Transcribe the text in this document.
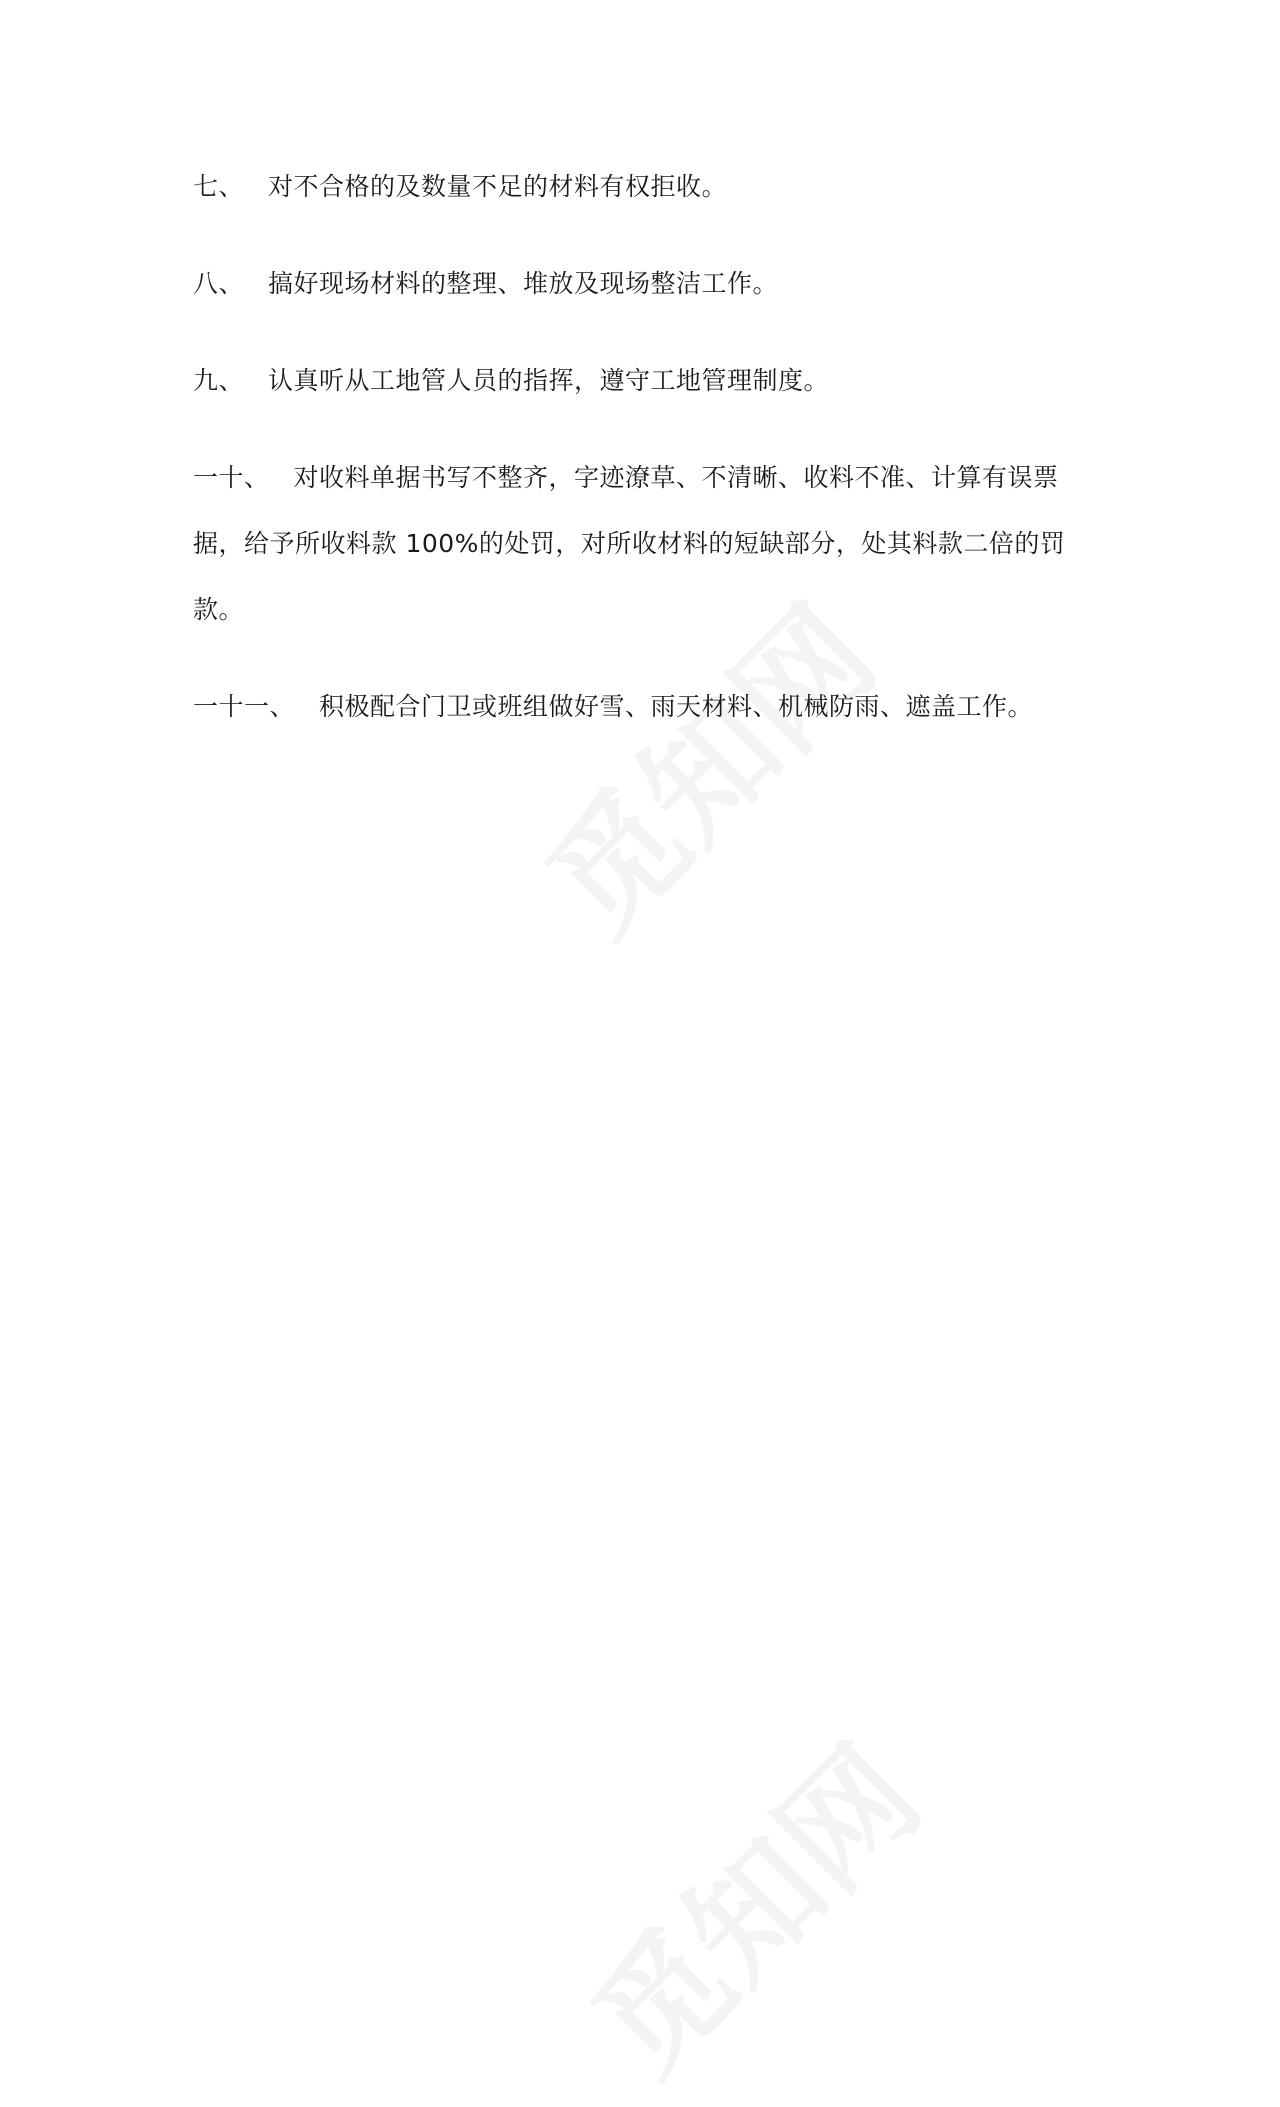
七、 对不合格的及数量不足的材料有权拒收。
八、 搞好现场材料的整理、堆放及现场整洁工作。
九、 认真听从工地管人员的指挥，遵守工地管理制度。
一十、 对收料单据书写不整齐，字迹潦草、不清晰、收料不准、计算有误票据，给予所收料款 100%的处罚，对所收材料的短缺部分，处其料款二倍的罚款。
一十一、 积极配合门卫或班组做好雪、雨天材料、机械防雨、遮盖工作。
